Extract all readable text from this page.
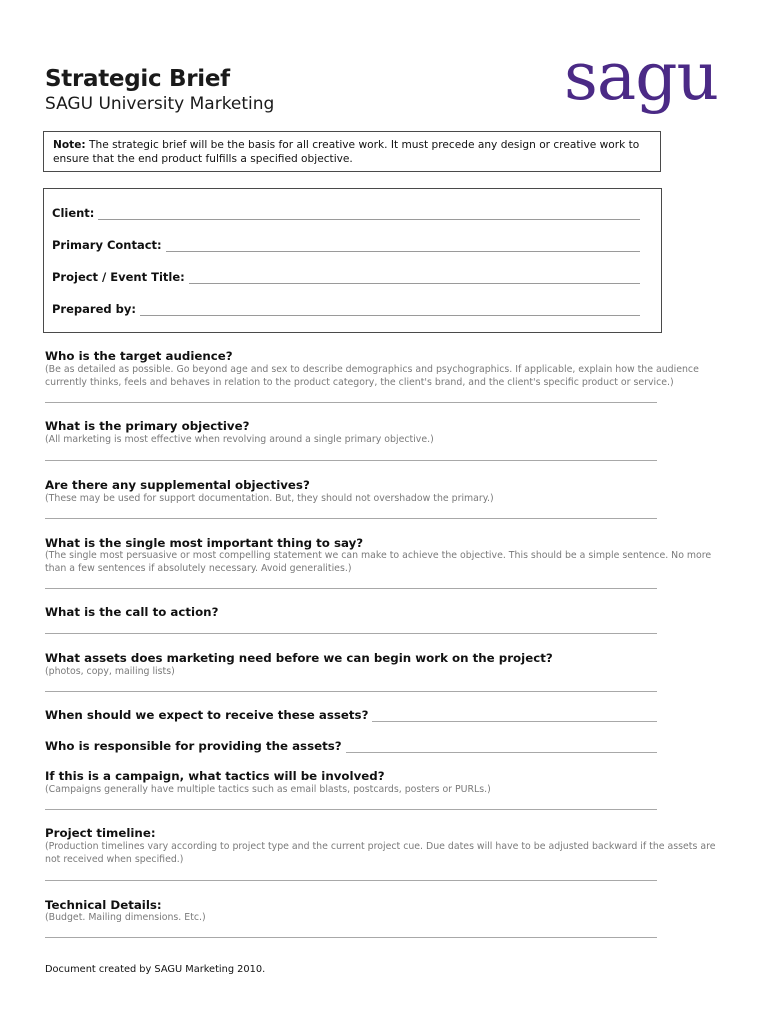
Strategic Brief
SAGU University Marketing	sagu
Note: The strategic brief will be the basis for all creative work. It must precede any design or creative work to ensure that the end product fulfills a specified objective.
Client:
Primary Contact:
Project / Event Title:
Prepared by:
Who is the target audience?
(Be as detailed as possible. Go beyond age and sex to describe demographics and psychographics. If applicable, explain how the audience currently thinks, feels and behaves in relation to the product category, the client's brand, and the client's specific product or service.)
What is the primary objective?
(All marketing is most effective when revolving around a single primary objective.)
Are there any supplemental objectives?
(These may be used for support documentation. But, they should not overshadow the primary.)
What is the single most important thing to say?
(The single most persuasive or most compelling statement we can make to achieve the objective. This should be a simple sentence. No more than a few sentences if absolutely necessary. Avoid generalities.)
What is the call to action?
What assets does marketing need before we can begin work on the project?
(photos, copy, mailing lists)
When should we expect to receive these assets?
Who is responsible for providing the assets?
If this is a campaign, what tactics will be involved?
(Campaigns generally have multiple tactics such as email blasts, postcards, posters or PURLs.)
Project timeline:
(Production timelines vary according to project type and the current project cue. Due dates will have to be adjusted backward if the assets are not received when specified.)
Technical Details:
(Budget. Mailing dimensions. Etc.)
Document created by SAGU Marketing 2010.
